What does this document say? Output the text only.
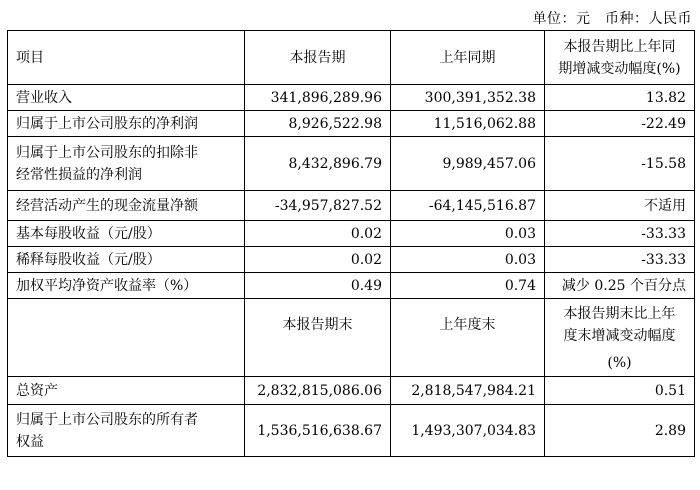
单位：元　币种：人民币
项目	本报告期	上年同期	本报告期比上年同
期增减变动幅度(%)

营业收入	341,896,289.96	300,391,352.38	13.82
归属于上市公司股东的净利润	8,926,522.98	11,516,062.88	-22.49

归属于上市公司股东的扣除非
经常性损益的净利润	8,432,896.79	9,989,457.06	-15.58
经营活动产生的现金流量净额	-34,957,827.52	-64,145,516.87	不适用
基本每股收益（元/股）	0.02	0.03	-33.33
稀释每股收益（元/股）	0.02	0.03	-33.33
加权平均净资产收益率（%）	0.49	0.74	减少 0.25 个百分点
	本报告期末	上年度末	本报告期末比上年
度末增减变动幅度

			(%)
总资产	2,832,815,086.06	2,818,547,984.21	0.51

归属于上市公司股东的所有者
权益	1,536,516,638.67	1,493,307,034.83	2.89
